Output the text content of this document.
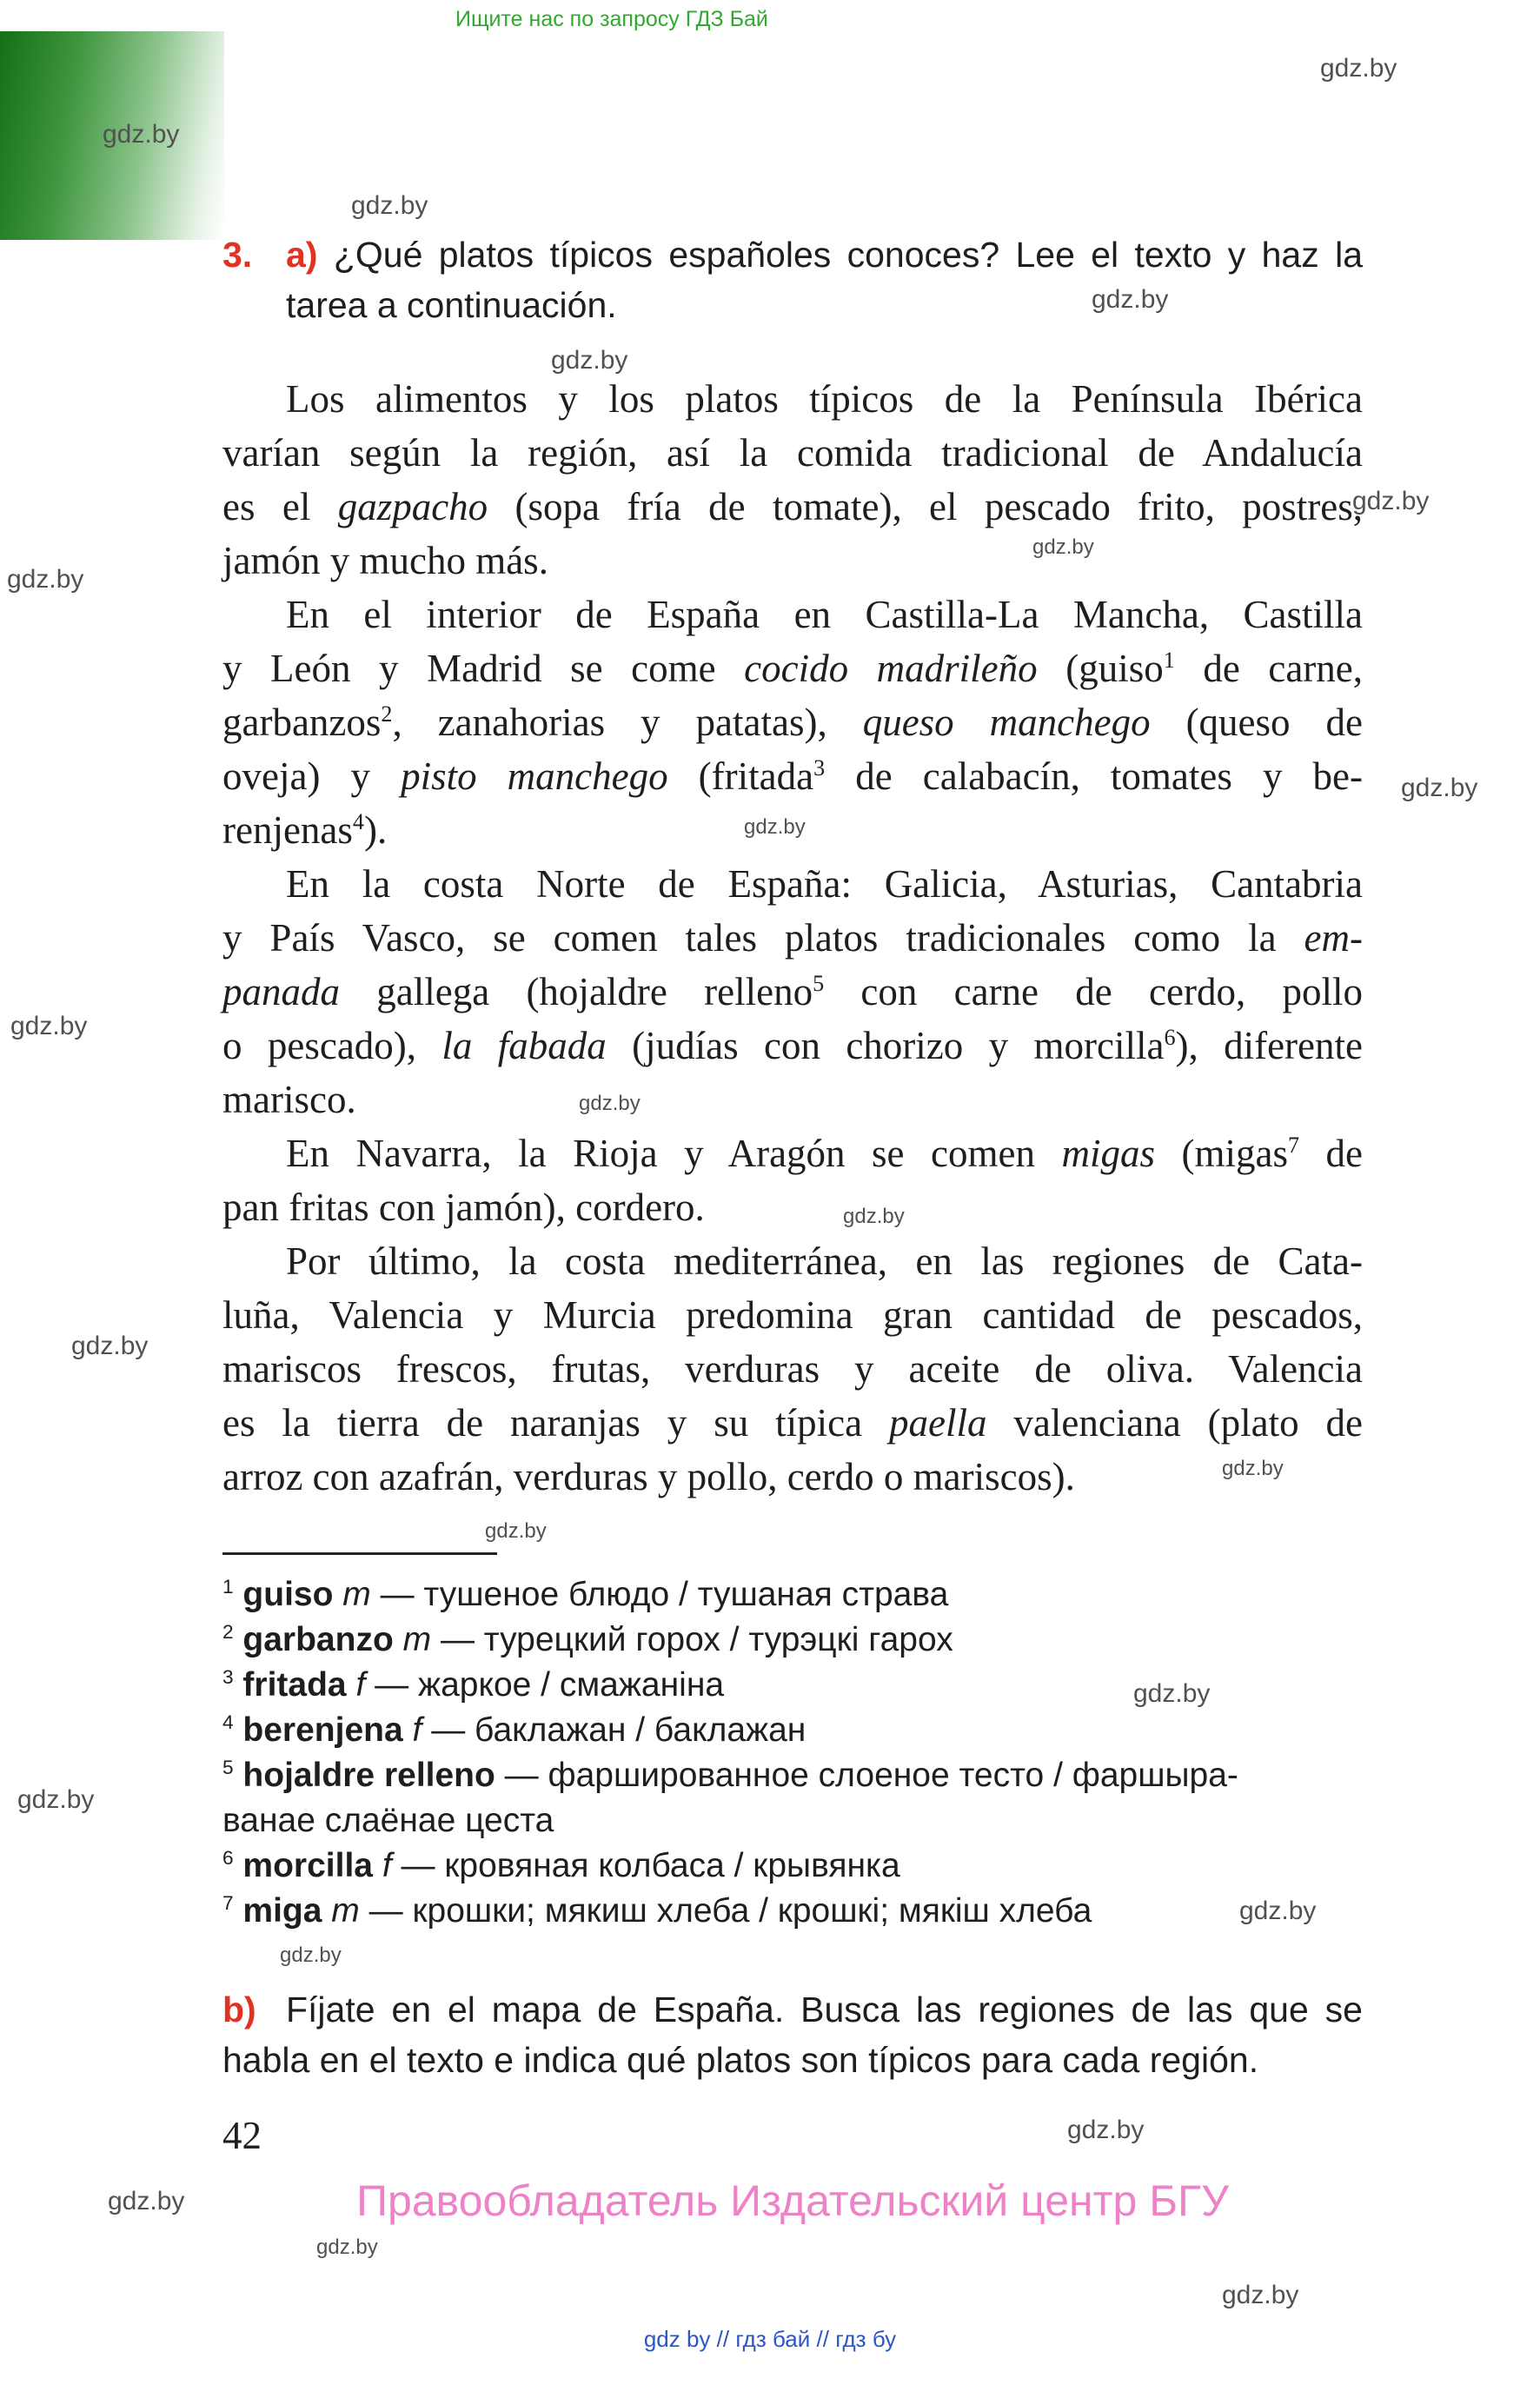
Ищите нас по запросу ГДЗ Бай
gdz.by
gdz.by
gdz.by
gdz.by
gdz.by
gdz.by
gdz.by
gdz.by
gdz.by
gdz.by
gdz.by
gdz.by
gdz.by
gdz.by
gdz.by
gdz.by
gdz.by
gdz.by
gdz.by
gdz.by
gdz.by
gdz.by
gdz.by
gdz.by
3. a) ¿Qué platos típicos españoles conoces? Lee el texto y haz la
tarea a continuación.
Los alimentos y los platos típicos de la Península Ibérica
varían según la región, así la comida tradicional de Andalucía
es el gazpacho (sopa fría de tomate), el pescado frito, postres,
jamón y mucho más.
En el interior de España en Castilla-La Mancha, Castilla
y León y Madrid se come cocido madrileño (guiso$^1$ de carne,
garbanzos$^2$, zanahorias y patatas), queso manchego (queso de
oveja) y pisto manchego (fritada$^3$ de calabacín, tomates y be-
renjenas$^4$).
En la costa Norte de España: Galicia, Asturias, Cantabria
y País Vasco, se comen tales platos tradicionales como la em-
panada gallega (hojaldre relleno$^5$ con carne de cerdo, pollo
o pescado), la fabada (judías con chorizo y morcilla$^6$), diferente
marisco.
En Navarra, la Rioja y Aragón se comen migas (migas$^7$ de
pan fritas con jamón), cordero.
Por último, la costa mediterránea, en las regiones de Cata-
luña, Valencia y Murcia predomina gran cantidad de pescados,
mariscos frescos, frutas, verduras y aceite de oliva. Valencia
es la tierra de naranjas y su típica paella valenciana (plato de
arroz con azafrán, verduras y pollo, cerdo o mariscos).
$^1$ guiso m — тушеное блюдо / тушаная страва
$^2$ garbanzo m — турецкий горох / турэцкі гарох
$^3$ fritada f — жаркое / смажаніна
$^4$ berenjena f — баклажан / баклажан
$^5$ hojaldre relleno — фаршированное слоеное тесто / фаршыра-
ванае слаёнае цеста
$^6$ morcilla f — кровяная колбаса / крывянка
$^7$ miga m — крошки; мякиш хлеба / крошкі; мякіш хлеба
b) Fíjate en el mapa de España. Busca las regiones de las que se
habla en el texto e indica qué platos son típicos para cada región.
42
Правообладатель Издательский центр БГУ
gdz by // гдз бай // гдз бу
